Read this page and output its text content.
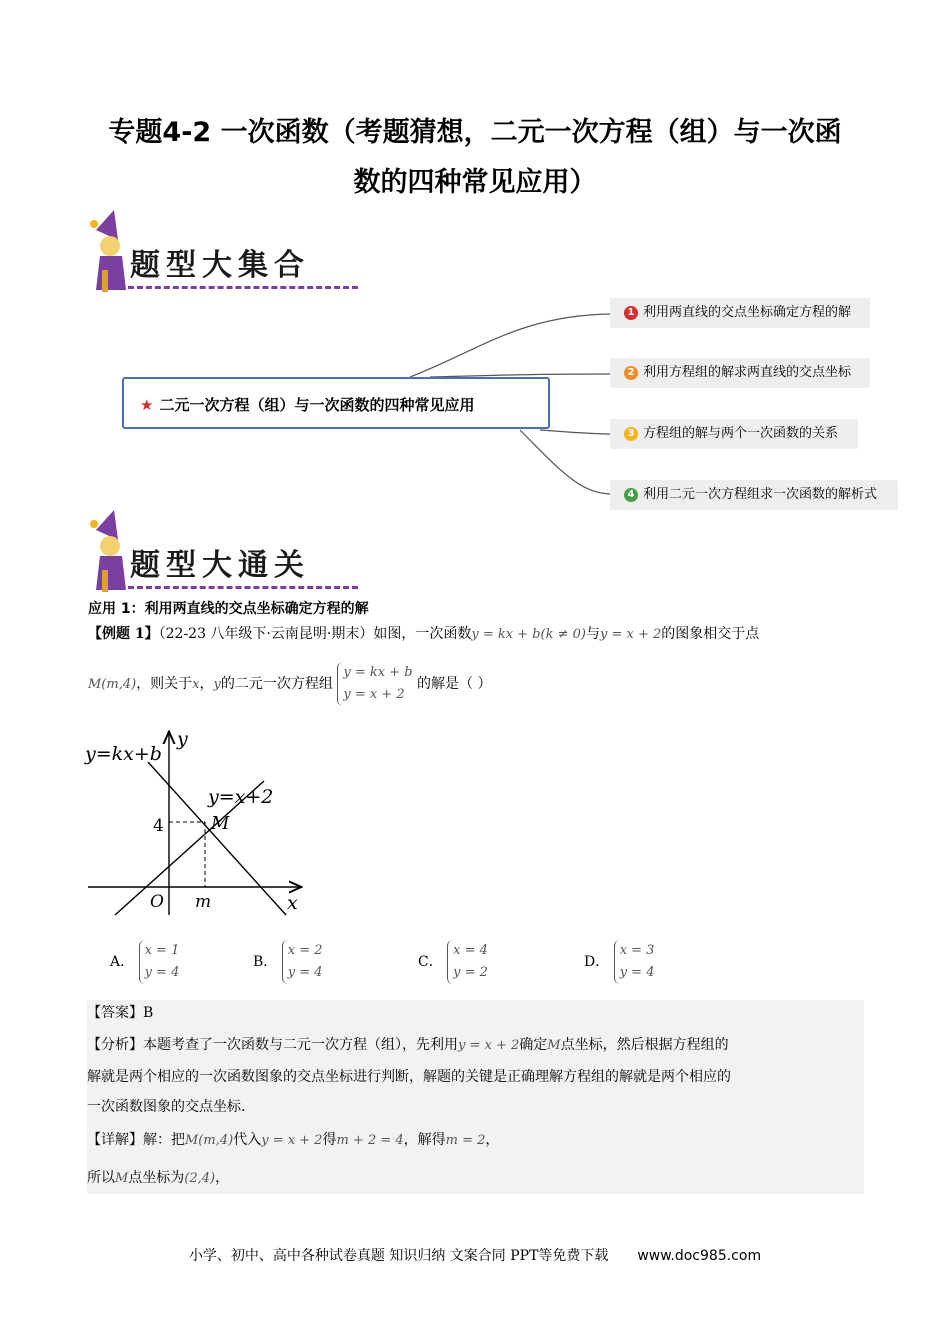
专题4-2 一次函数（考题猜想，二元一次方程（组）与一次函
数的四种常见应用）
题型大集合
★ 二元一次方程（组）与一次函数的四种常见应用
1 利用两直线的交点坐标确定方程的解
2 利用方程组的解求两直线的交点坐标
3 方程组的解与两个一次函数的关系
4 利用二元一次方程组求一次函数的解析式
题型大通关
应用 1：利用两直线的交点坐标确定方程的解
【例题 1】（22-23 八年级下·云南昆明·期末）如图，一次函数y = kx + b(k ≠ 0)与y = x + 2的图象相交于点
M(m,4)，则关于x，y的二元一次方程组 y = kx + b
y = x + 2 的解是（ ）
y=kx+b
y=x+2
y
x
O m
4	M
A． x = 1
y = 4
B． x = 2
y = 4
C． x = 4
y = 2
D． x = 3
y = 4
【答案】B
【分析】本题考查了一次函数与二元一次方程（组），先利用y = x + 2确定M点坐标，然后根据方程组的
解就是两个相应的一次函数图象的交点坐标进行判断，解题的关键是正确理解方程组的解就是两个相应的
一次函数图象的交点坐标.
【详解】解：把M(m,4)代入y = x + 2得m + 2 = 4，解得m = 2，
所以M点坐标为(2,4)，
小学、初中、高中各种试卷真题 知识归纳 文案合同 PPT等免费下载 www.doc985.com
